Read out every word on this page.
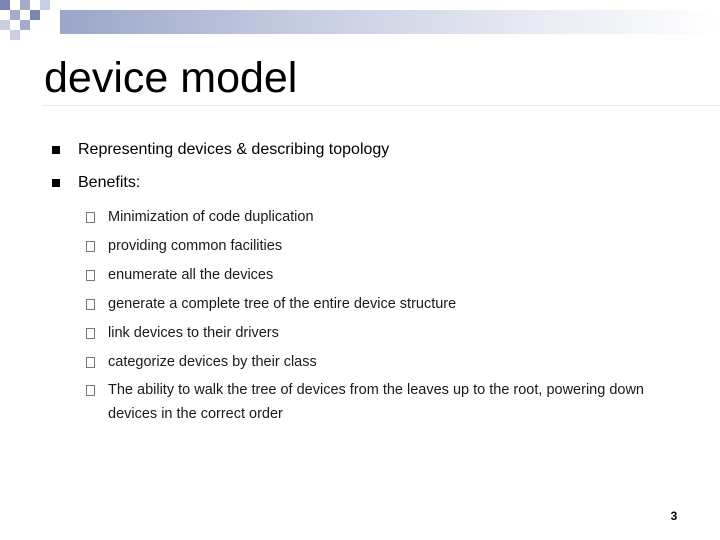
device model
Representing devices & describing topology
Benefits:
Minimization of code duplication
providing common facilities
enumerate all the devices
generate a complete tree of the entire device structure
link devices to their drivers
categorize devices by their class
The ability to walk the tree of devices from the leaves up to the root, powering down devices in the correct order
3
